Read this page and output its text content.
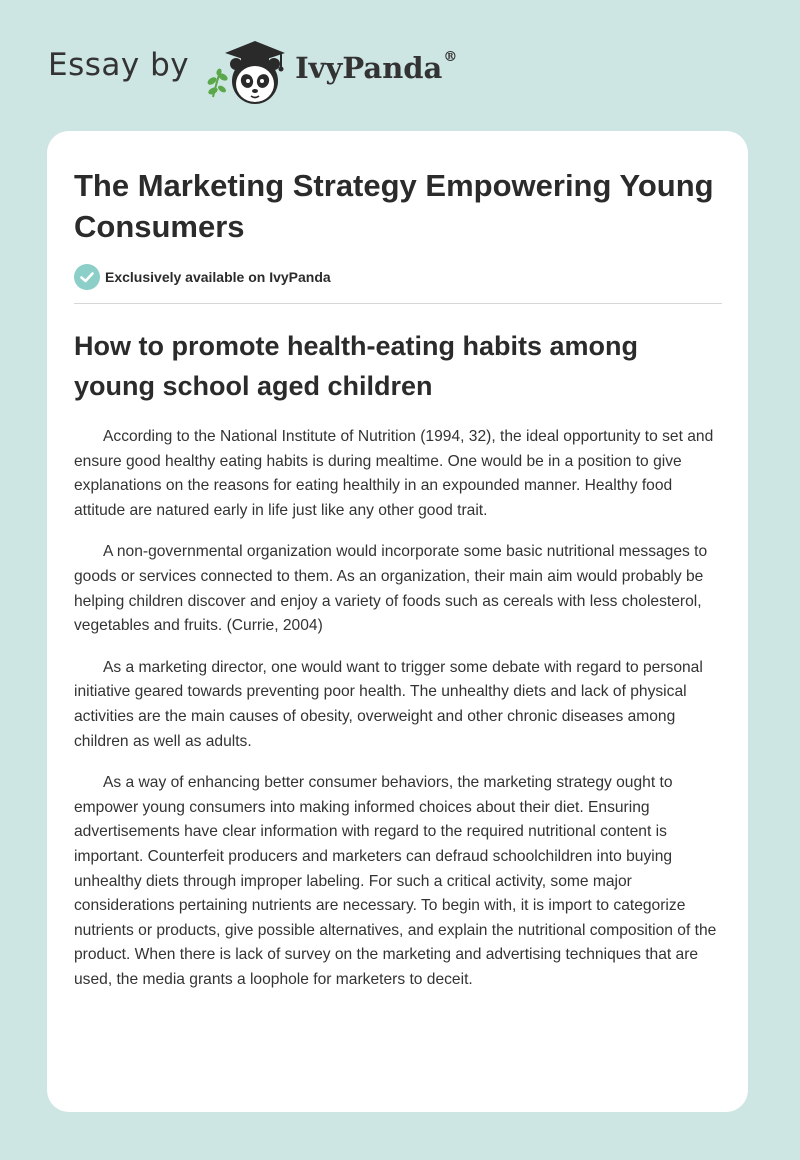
Essay by	IvyPanda®
The Marketing Strategy Empowering Young Consumers
Exclusively available on IvyPanda
How to promote health-eating habits among young school aged children

According to the National Institute of Nutrition (1994, 32), the ideal opportunity to set and ensure good healthy eating habits is during mealtime. One would be in a position to give explanations on the reasons for eating healthily in an expounded manner. Healthy food attitude are natured early in life just like any other good trait.

A non-governmental organization would incorporate some basic nutritional messages to goods or services connected to them. As an organization, their main aim would probably be helping children discover and enjoy a variety of foods such as cereals with less cholesterol, vegetables and fruits. (Currie, 2004)

As a marketing director, one would want to trigger some debate with regard to personal initiative geared towards preventing poor health. The unhealthy diets and lack of physical activities are the main causes of obesity, overweight and other chronic diseases among children as well as adults.

As a way of enhancing better consumer behaviors, the marketing strategy ought to empower young consumers into making informed choices about their diet. Ensuring advertisements have clear information with regard to the required nutritional content is important. Counterfeit producers and marketers can defraud schoolchildren into buying unhealthy diets through improper labeling. For such a critical activity, some major considerations pertaining nutrients are necessary. To begin with, it is import to categorize nutrients or products, give possible alternatives, and explain the nutritional composition of the product. When there is lack of survey on the marketing and advertising techniques that are used, the media grants a loophole for marketers to deceit.
